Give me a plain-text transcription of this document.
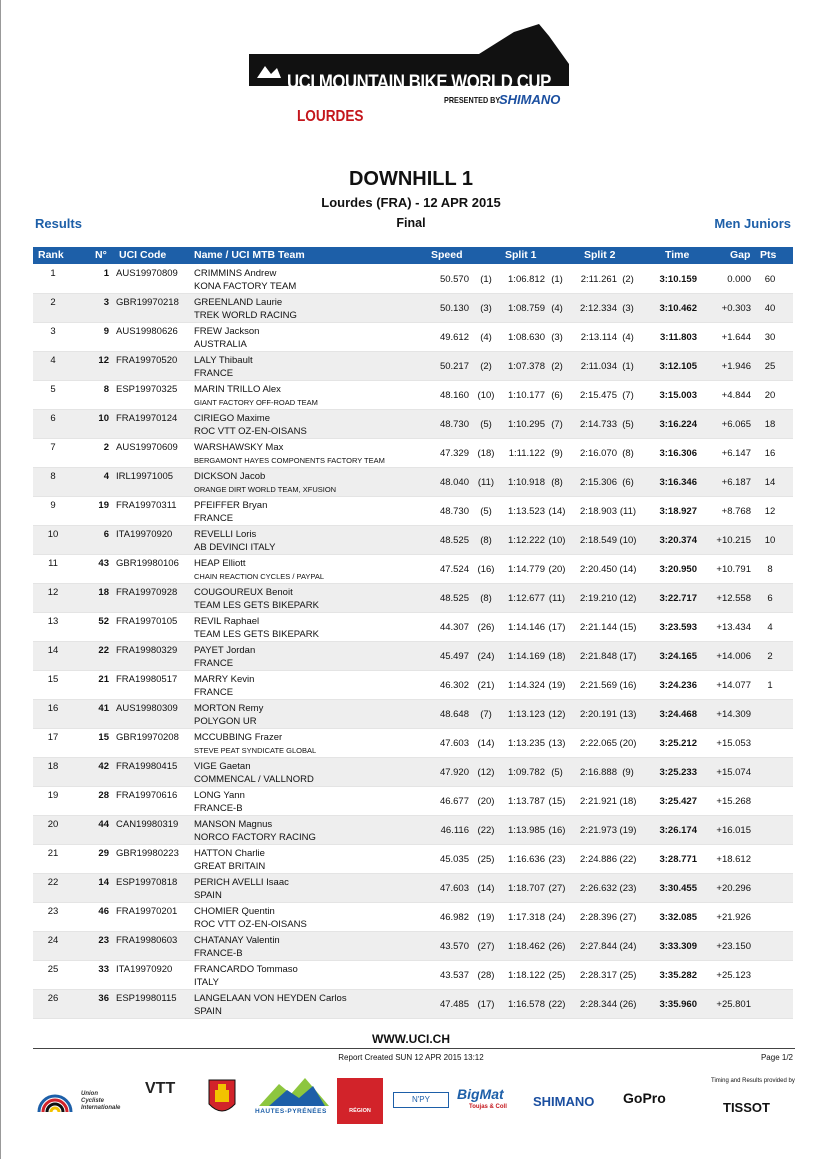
UCI MOUNTAIN BIKE WORLD CUP
PRESENTED BY
SHIMANO
LOURDES
DOWNHILL 1
Lourdes (FRA) - 12 APR 2015
Final
Results	Men Juniors
Rank	N° UCI Code	Name / UCI MTB Team	Speed	Split 1	Split 2	Time	Gap Pts
1	1 AUS19970809 CRIMMINS Andrew
KONA FACTORY TEAM
50.570	(1)	1:06.812 (1)	2:11.261 (2)	3:10.159	0.000	60
2	3 GBR19970218 GREENLAND Laurie
TREK WORLD RACING
50.130	(3)	1:08.759 (4)	2:12.334 (3)	3:10.462	+0.303	40
3	9 AUS19980626 FREW Jackson
AUSTRALIA
49.612	(4)	1:08.630 (3)	2:13.114 (4)	3:11.803	+1.644	30
4	12 FRA19970520 LALY Thibault
FRANCE
50.217	(2)	1:07.378 (2)	2:11.034 (1)	3:12.105	+1.946	25
5	8 ESP19970325 MARIN TRILLO Alex
GIANT FACTORY OFF-ROAD TEAM
48.160 (10)	1:10.177 (6)	2:15.475 (7)	3:15.003	+4.844	20
6	10 FRA19970124 CIRIEGO Maxime
ROC VTT OZ-EN-OISANS
48.730	(5)	1:10.295 (7)	2:14.733 (5)	3:16.224	+6.065	18
7	2 AUS19970609 WARSHAWSKY Max
BERGAMONT HAYES COMPONENTS FACTORY TEAM
47.329 (18)	1:11.122 (9)	2:16.070 (8)	3:16.306	+6.147	16
8	4 IRL19971005 DICKSON Jacob
ORANGE DIRT WORLD TEAM, XFUSION
48.040 (11)	1:10.918 (8)	2:15.306 (6)	3:16.346	+6.187	14
9	19 FRA19970311 PFEIFFER Bryan
FRANCE
48.730	(5)	1:13.523 (14)	2:18.903 (11)	3:18.927	+8.768	12
10	6 ITA19970920 REVELLI Loris
AB DEVINCI ITALY
48.525	(8)	1:12.222 (10)	2:18.549 (10)	3:20.374	+10.215	10
11	43 GBR19980106 HEAP Elliott
CHAIN REACTION CYCLES / PAYPAL
47.524 (16)	1:14.779 (20)	2:20.450 (14)	3:20.950	+10.791	8
12	18 FRA19970928 COUGOUREUX Benoit
TEAM LES GETS BIKEPARK
48.525	(8)	1:12.677 (11)	2:19.210 (12)	3:22.717	+12.558	6
13	52 FRA19970105 REVIL Raphael
TEAM LES GETS BIKEPARK
44.307 (26)	1:14.146 (17)	2:21.144 (15)	3:23.593	+13.434	4
14	22 FRA19980329 PAYET Jordan
FRANCE
45.497 (24)	1:14.169 (18)	2:21.848 (17)	3:24.165	+14.006	2
15	21 FRA19980517 MARRY Kevin
FRANCE
46.302 (21)	1:14.324 (19)	2:21.569 (16)	3:24.236	+14.077	1
16	41 AUS19980309 MORTON Remy
POLYGON UR
48.648	(7)	1:13.123 (12)	2:20.191 (13)	3:24.468	+14.309
17	15 GBR19970208 MCCUBBING Frazer
STEVE PEAT SYNDICATE GLOBAL
47.603 (14)	1:13.235 (13)	2:22.065 (20)	3:25.212	+15.053
18	42 FRA19980415 VIGE Gaetan
COMMENCAL / VALLNORD
47.920 (12)	1:09.782 (5)	2:16.888 (9)	3:25.233	+15.074
19	28 FRA19970616 LONG Yann
FRANCE-B
46.677 (20)	1:13.787 (15)	2:21.921 (18)	3:25.427	+15.268
20	44 CAN19980319 MANSON Magnus
NORCO FACTORY RACING
46.116 (22)	1:13.985 (16)	2:21.973 (19)	3:26.174	+16.015
21	29 GBR19980223 HATTON Charlie
GREAT BRITAIN
45.035 (25)	1:16.636 (23)	2:24.886 (22)	3:28.771	+18.612
22	14 ESP19970818 PERICH AVELLI Isaac
SPAIN
47.603 (14)	1:18.707 (27)	2:26.632 (23)	3:30.455	+20.296
23	46 FRA19970201 CHOMIER Quentin
ROC VTT OZ-EN-OISANS
46.982 (19)	1:17.318 (24)	2:28.396 (27)	3:32.085	+21.926
24	23 FRA19980603 CHATANAY Valentin
FRANCE-B
43.570 (27)	1:18.462 (26)	2:27.844 (24)	3:33.309	+23.150
25	33 ITA19970920 FRANCARDO Tommaso
ITALY
43.537 (28)	1:18.122 (25)	2:28.317 (25)	3:35.282	+25.123
26	36 ESP19980115 LANGELAAN VON HEYDEN Carlos
SPAIN
47.485 (17)	1:16.578 (22)	2:28.344 (26)	3:35.960	+25.801
WWW.UCI.CH
Report Created SUN 12 APR 2015 13:12	Page 1/2
Union
Cycliste
Internationale
VTT
HAUTES-PYRÉNÉES	RÉGION
N'PY	BigMat
Toujas & Coll SHIMANO GoPro
Timing and Results provided by
TISSOT
